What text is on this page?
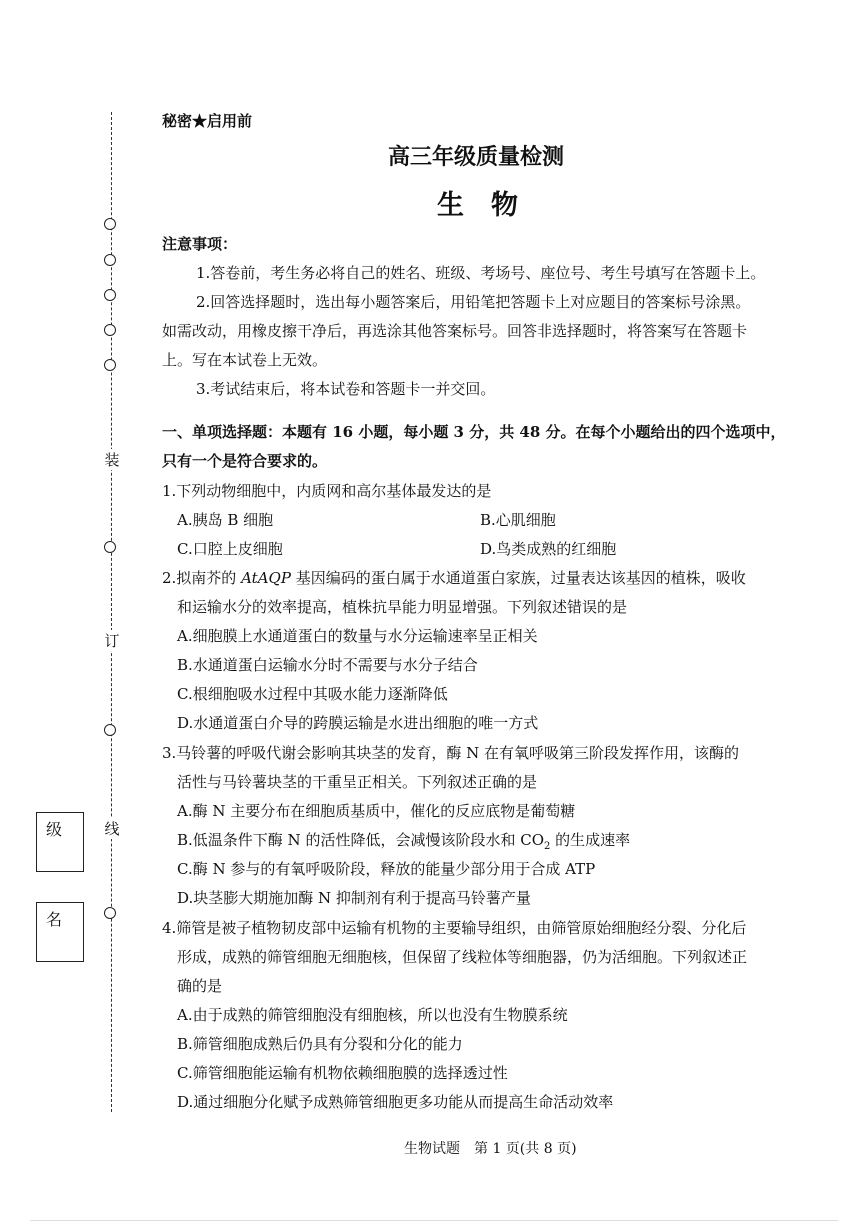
装
订
线
级
名
秘密★启用前
高三年级质量检测
生　物
注意事项：
1.答卷前，考生务必将自己的姓名、班级、考场号、座位号、考生号填写在答题卡上。
2.回答选择题时，选出每小题答案后，用铅笔把答题卡上对应题目的答案标号涂黑。
如需改动，用橡皮擦干净后，再选涂其他答案标号。回答非选择题时，将答案写在答题卡
上。写在本试卷上无效。
3.考试结束后，将本试卷和答题卡一并交回。
一、单项选择题：本题有 16 小题，每小题 3 分，共 48 分。在每个小题给出的四个选项中，
只有一个是符合要求的。
1.下列动物细胞中，内质网和高尔基体最发达的是
A.胰岛 B 细胞	B.心肌细胞
C.口腔上皮细胞	D.鸟类成熟的红细胞
2.拟南芥的 AtAQP 基因编码的蛋白属于水通道蛋白家族，过量表达该基因的植株，吸收
和运输水分的效率提高，植株抗旱能力明显增强。下列叙述错误的是
A.细胞膜上水通道蛋白的数量与水分运输速率呈正相关
B.水通道蛋白运输水分时不需要与水分子结合
C.根细胞吸水过程中其吸水能力逐渐降低
D.水通道蛋白介导的跨膜运输是水进出细胞的唯一方式
3.马铃薯的呼吸代谢会影响其块茎的发育，酶 N 在有氧呼吸第三阶段发挥作用，该酶的
活性与马铃薯块茎的干重呈正相关。下列叙述正确的是
A.酶 N 主要分布在细胞质基质中，催化的反应底物是葡萄糖
B.低温条件下酶 N 的活性降低，会减慢该阶段水和 $CO_2$ 的生成速率
C.酶 N 参与的有氧呼吸阶段，释放的能量少部分用于合成 ATP
D.块茎膨大期施加酶 N 抑制剂有利于提高马铃薯产量
4.筛管是被子植物韧皮部中运输有机物的主要输导组织，由筛管原始细胞经分裂、分化后
形成，成熟的筛管细胞无细胞核，但保留了线粒体等细胞器，仍为活细胞。下列叙述正
确的是
A.由于成熟的筛管细胞没有细胞核，所以也没有生物膜系统
B.筛管细胞成熟后仍具有分裂和分化的能力
C.筛管细胞能运输有机物依赖细胞膜的选择透过性
D.通过细胞分化赋予成熟筛管细胞更多功能从而提高生命活动效率
生物试题　第 1 页(共 8 页)
